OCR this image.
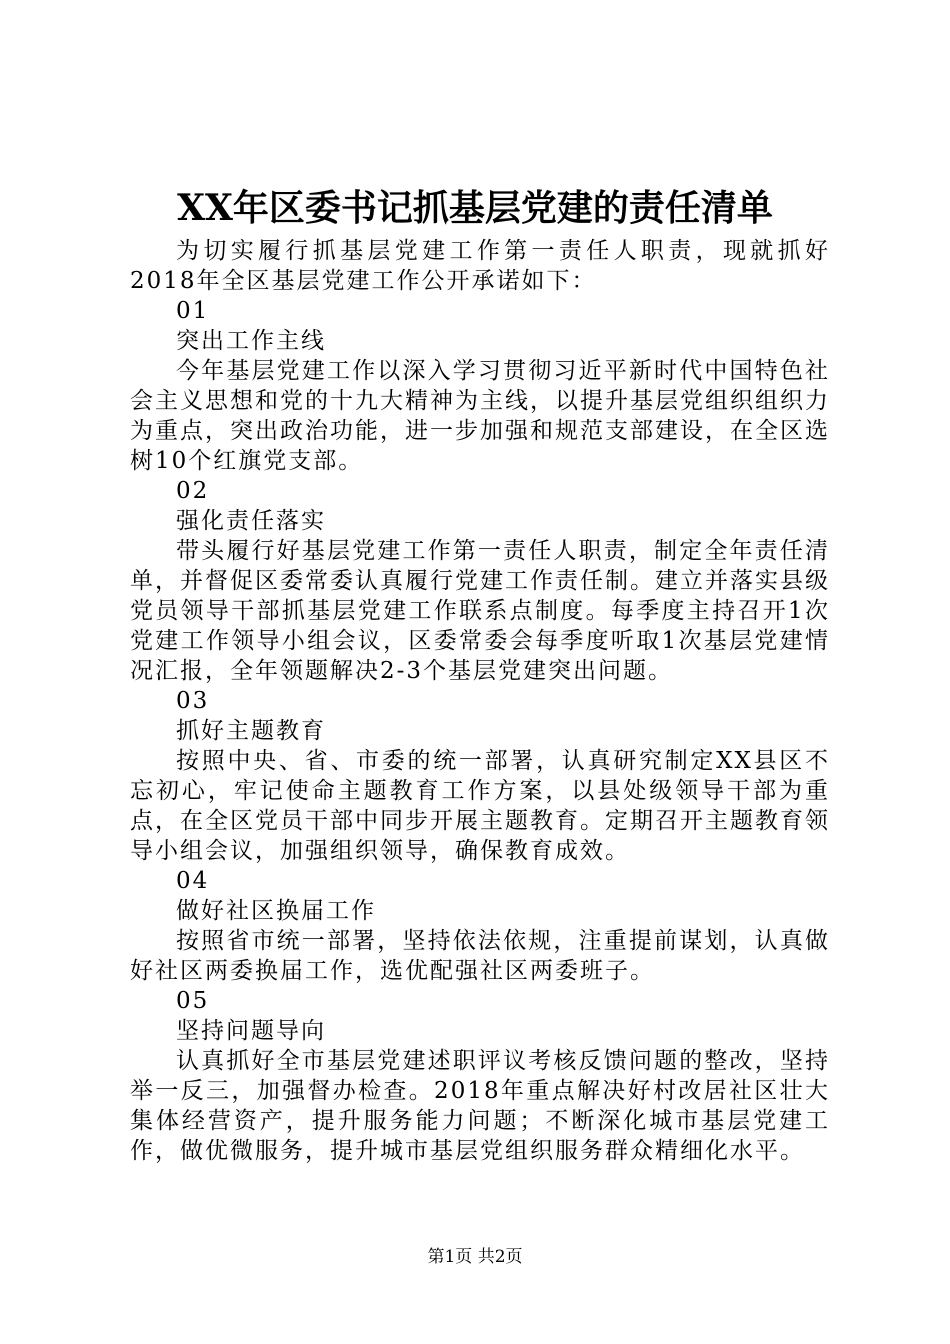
XX年区委书记抓基层党建的责任清单

为切实履行抓基层党建工作第一责任人职责，现就抓好2018年全区基层党建工作公开承诺如下：

01

突出工作主线

今年基层党建工作以深入学习贯彻习近平新时代中国特色社会主义思想和党的十九大精神为主线，以提升基层党组织组织力为重点，突出政治功能，进一步加强和规范支部建设，在全区选树10个红旗党支部。

02

强化责任落实

带头履行好基层党建工作第一责任人职责，制定全年责任清单，并督促区委常委认真履行党建工作责任制。建立并落实县级党员领导干部抓基层党建工作联系点制度。每季度主持召开1次党建工作领导小组会议，区委常委会每季度听取1次基层党建情况汇报，全年领题解决2-3个基层党建突出问题。

03

抓好主题教育

按照中央、省、市委的统一部署，认真研究制定XX县区不忘初心，牢记使命主题教育工作方案，以县处级领导干部为重点，在全区党员干部中同步开展主题教育。定期召开主题教育领导小组会议，加强组织领导，确保教育成效。

04

做好社区换届工作

按照省市统一部署，坚持依法依规，注重提前谋划，认真做好社区两委换届工作，选优配强社区两委班子。

05

坚持问题导向

认真抓好全市基层党建述职评议考核反馈问题的整改，坚持举一反三，加强督办检查。2018年重点解决好村改居社区壮大集体经营资产，提升服务能力问题；不断深化城市基层党建工作，做优微服务，提升城市基层党组织服务群众精细化水平。

第1页 共2页
